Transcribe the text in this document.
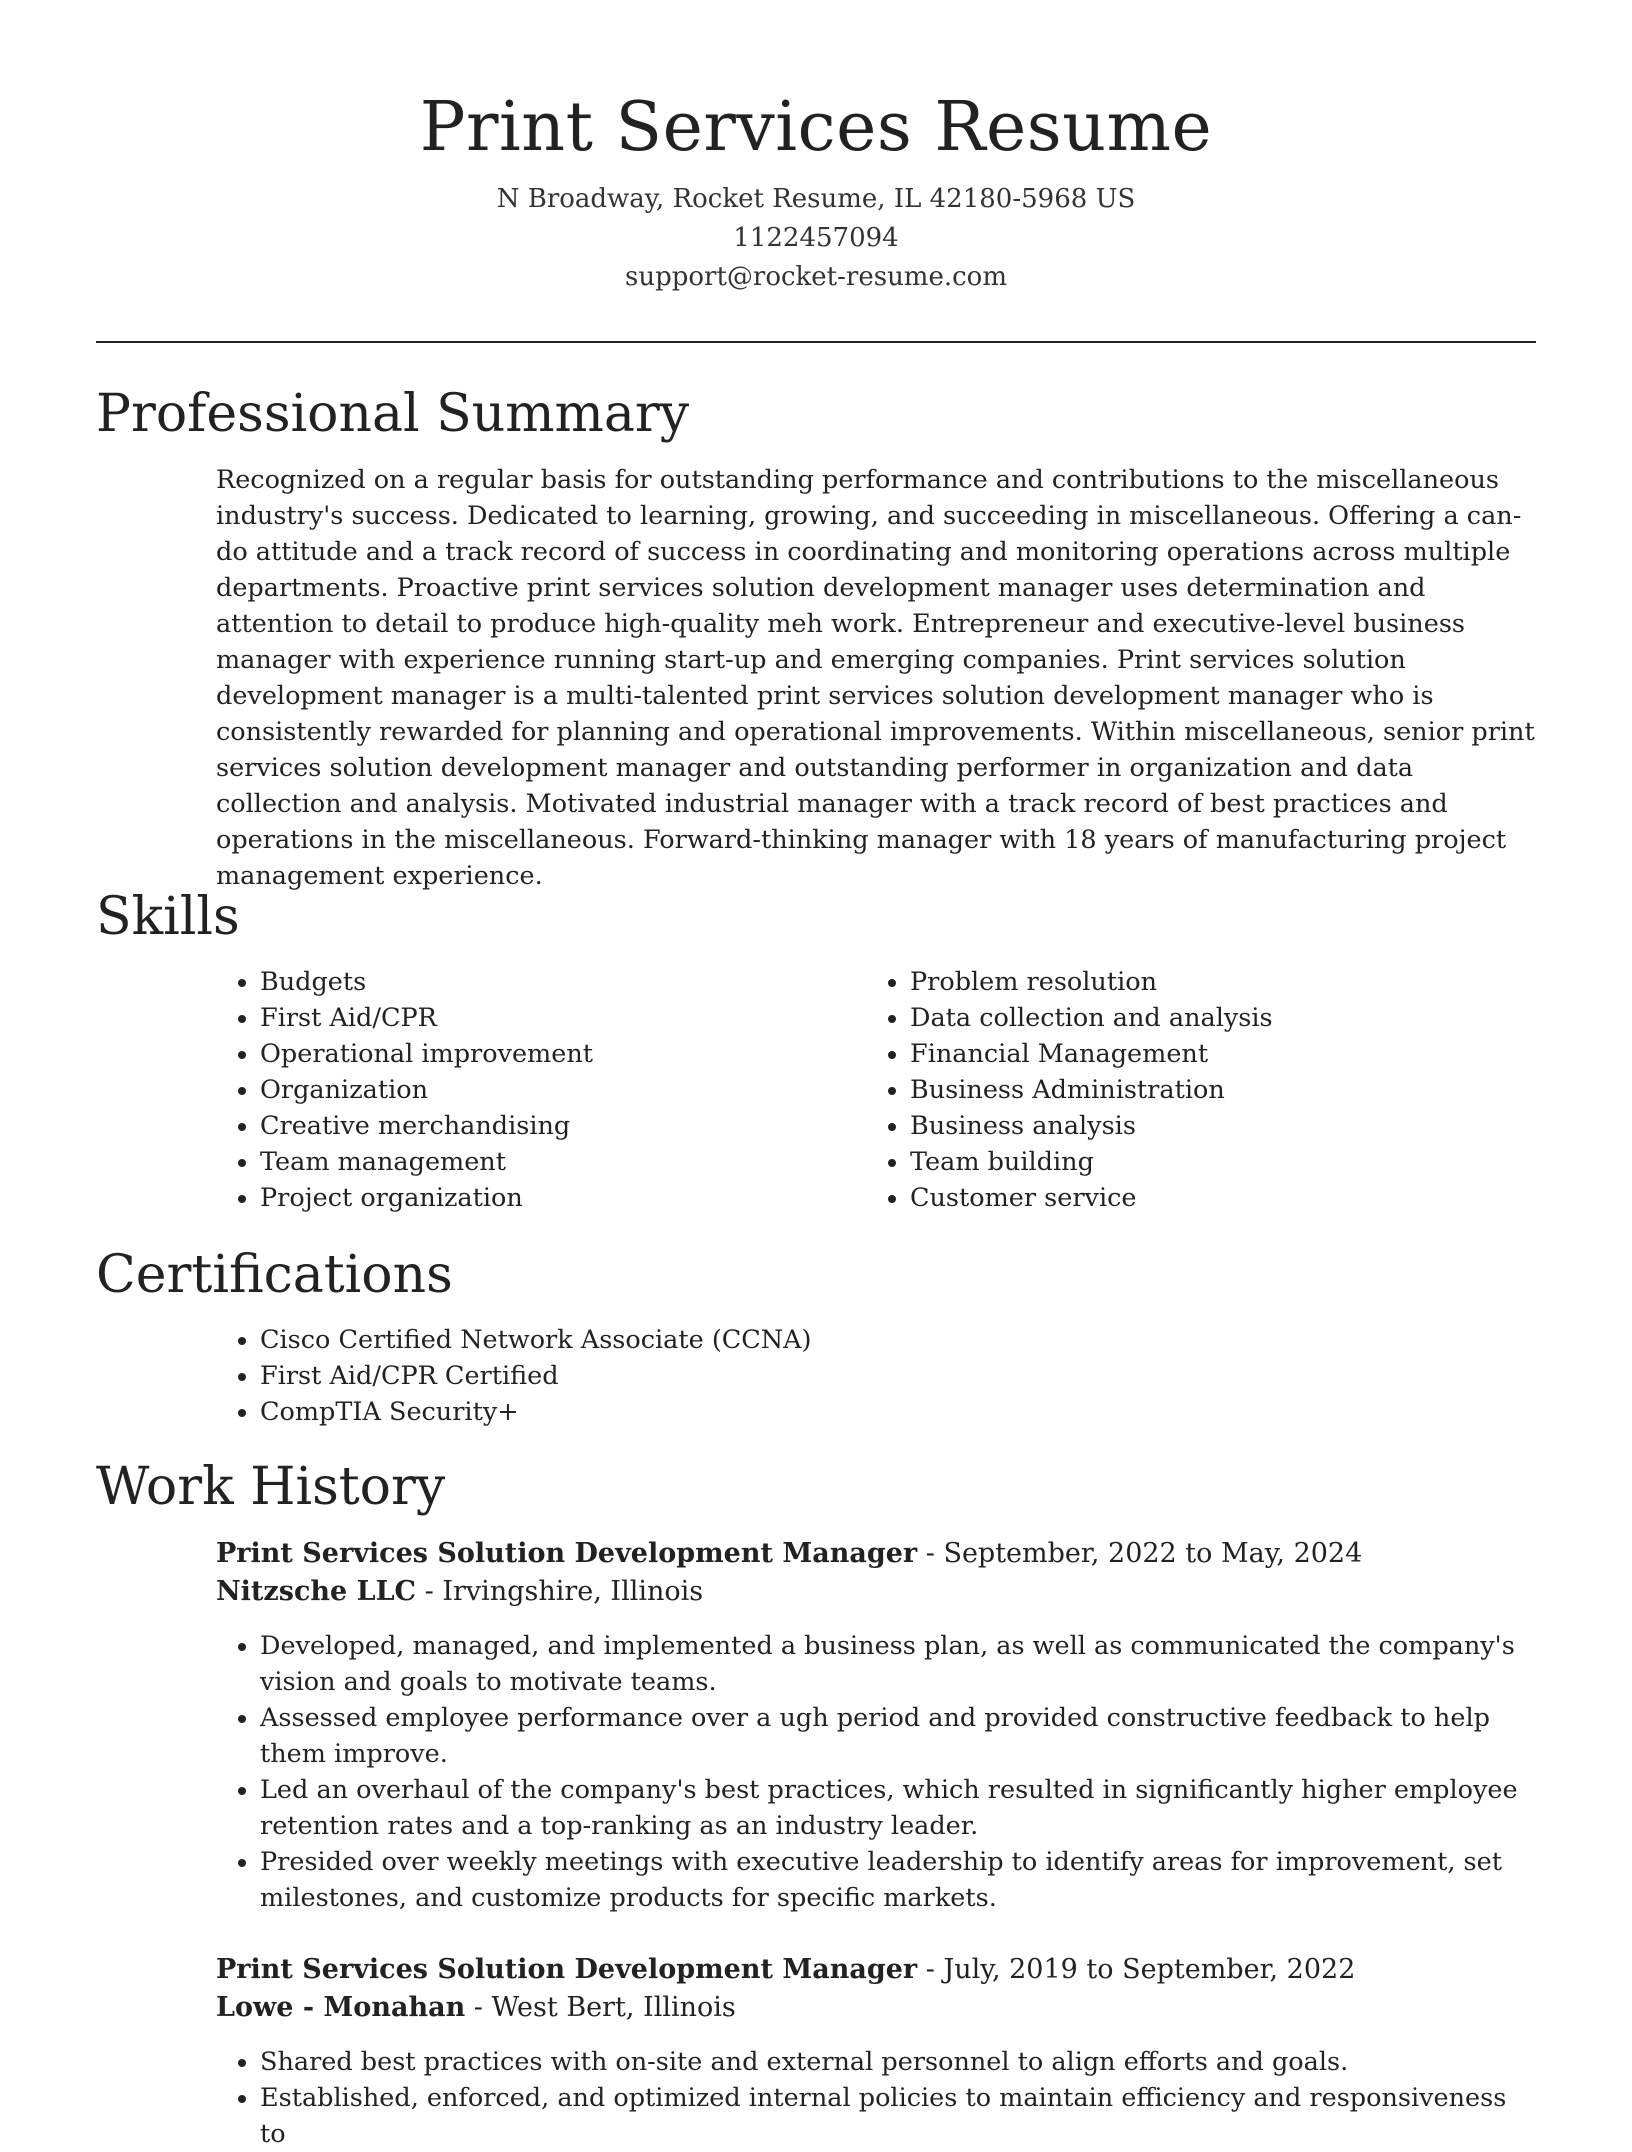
Print Services Resume
N Broadway, Rocket Resume, IL 42180-5968 US
1122457094
support@rocket-resume.com
Professional Summary

Recognized on a regular basis for outstanding performance and contributions to the miscellaneous industry's success. Dedicated to learning, growing, and succeeding in miscellaneous. Offering a can-do attitude and a track record of success in coordinating and monitoring operations across multiple departments. Proactive print services solution development manager uses determination and attention to detail to produce high-quality meh work. Entrepreneur and executive-level business manager with experience running start-up and emerging companies. Print services solution development manager is a multi-talented print services solution development manager who is consistently rewarded for planning and operational improvements. Within miscellaneous, senior print services solution development manager and outstanding performer in organization and data collection and analysis. Motivated industrial manager with a track record of best practices and operations in the miscellaneous. Forward-thinking manager with 18 years of manufacturing project management experience.

Skills
• Budgets
• First Aid/CPR
• Operational improvement
• Organization
• Creative merchandising
• Team management
• Project organization
• Problem resolution
• Data collection and analysis
• Financial Management
• Business Administration
• Business analysis
• Team building
• Customer service
Certifications
• Cisco Certified Network Associate (CCNA)
• First Aid/CPR Certified
• CompTIA Security+
Work History
Print Services Solution Development Manager - September, 2022 to May, 2024
Nitzsche LLC - Irvingshire, Illinois
• Developed, managed, and implemented a business plan, as well as communicated the company's vision and goals to motivate teams.
• Assessed employee performance over a ugh period and provided constructive feedback to help them improve.
• Led an overhaul of the company's best practices, which resulted in significantly higher employee retention rates and a top-ranking as an industry leader.
• Presided over weekly meetings with executive leadership to identify areas for improvement, set milestones, and customize products for specific markets.
Print Services Solution Development Manager - July, 2019 to September, 2022
Lowe - Monahan - West Bert, Illinois
• Shared best practices with on-site and external personnel to align efforts and goals.
• Established, enforced, and optimized internal policies to maintain efficiency and responsiveness to
